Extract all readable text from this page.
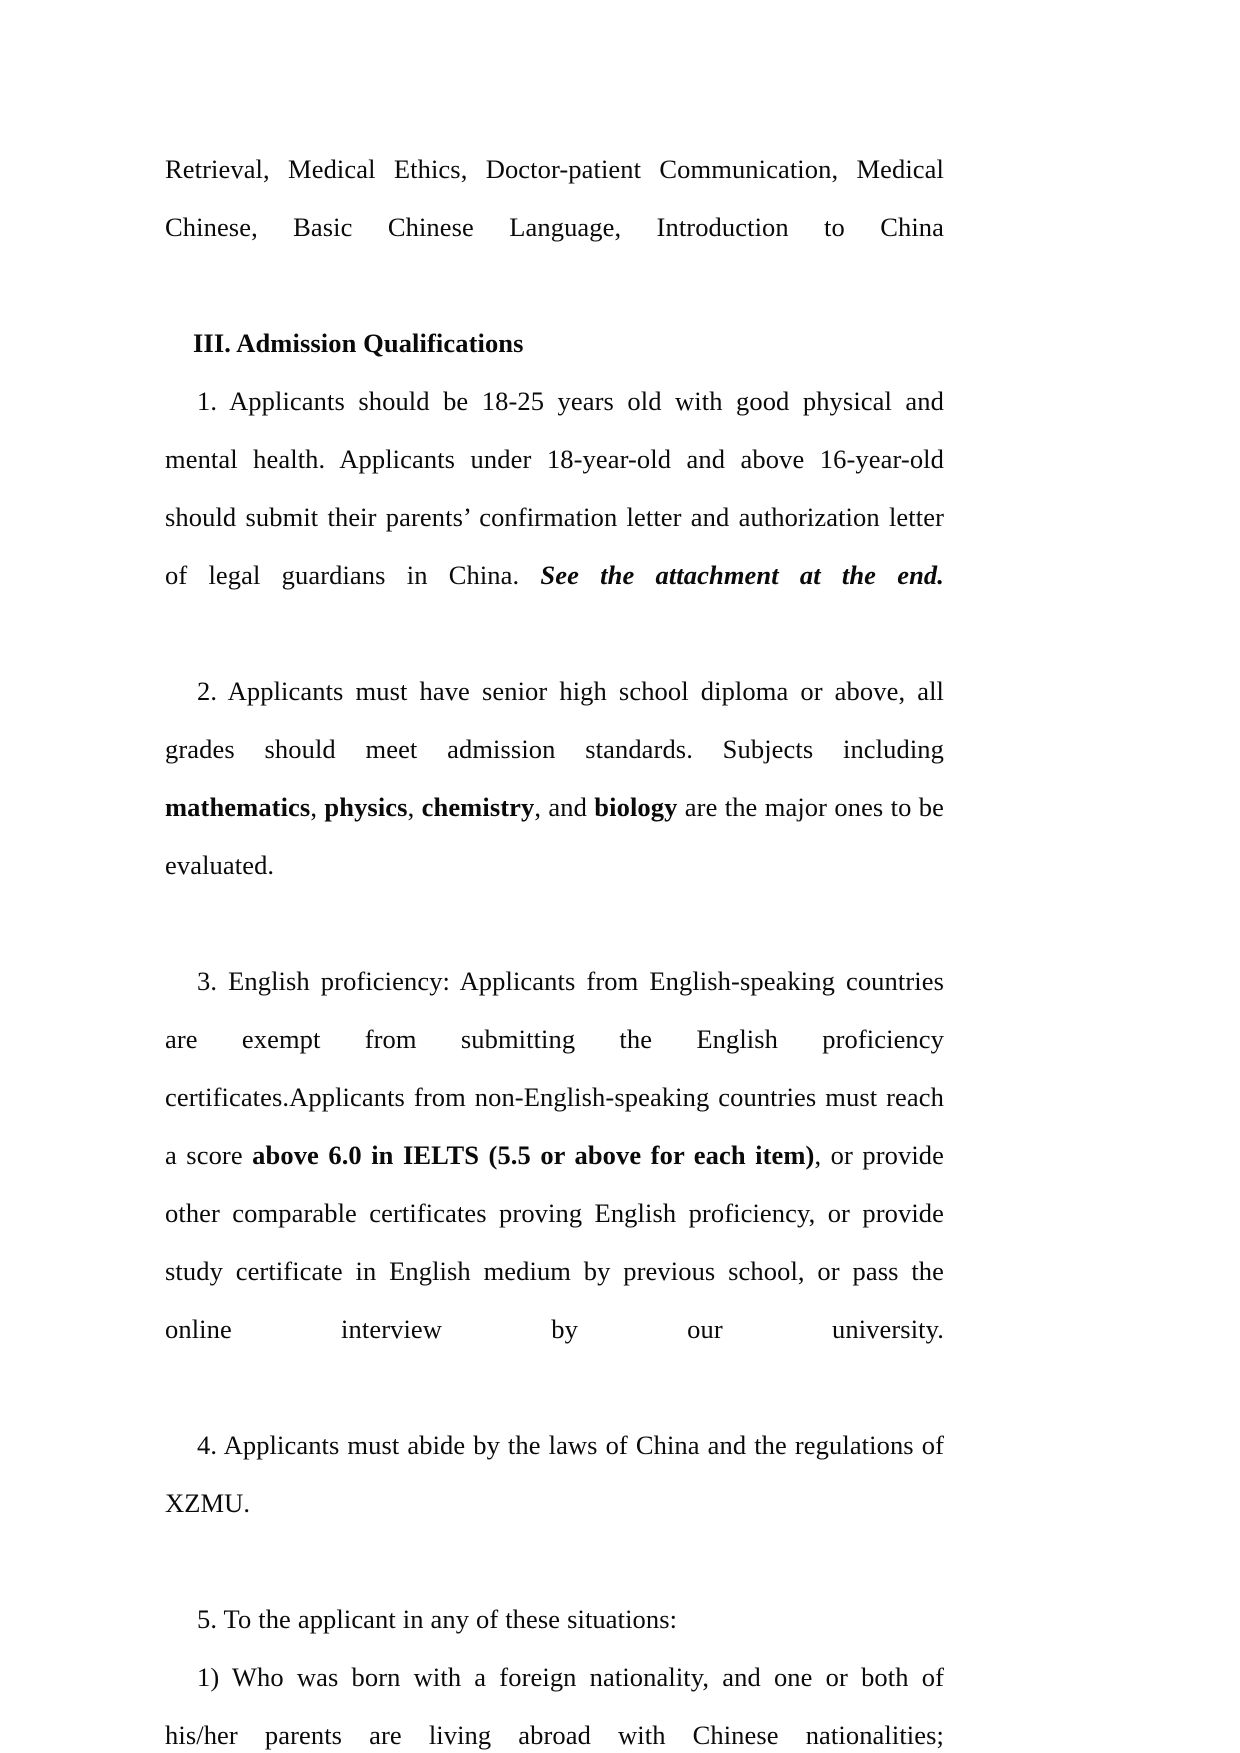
Retrieval, Medical Ethics, Doctor-patient Communication, Medical Chinese, Basic Chinese Language, Introduction to China

III. Admission Qualifications

1. Applicants should be 18-25 years old with good physical and mental health. Applicants under 18-year-old and above 16-year-old should submit their parents’ confirmation letter and authorization letter of legal guardians in China. See the attachment at the end.

2. Applicants must have senior high school diploma or above, all grades should meet admission standards. Subjects including mathematics, physics, chemistry, and biology are the major ones to be evaluated.

3. English proficiency: Applicants from English-speaking countries are exempt from submitting the English proficiency certificates.Applicants from non-English-speaking countries must reach a score above 6.0 in IELTS (5.5 or above for each item), or provide other comparable certificates proving English proficiency, or provide study certificate in English medium by previous school, or pass the online interview by our university.

4. Applicants must abide by the laws of China and the regulations of XZMU.

5. To the applicant in any of these situations:

1) Who was born with a foreign nationality, and one or both of his/her parents are living abroad with Chinese nationalities;
